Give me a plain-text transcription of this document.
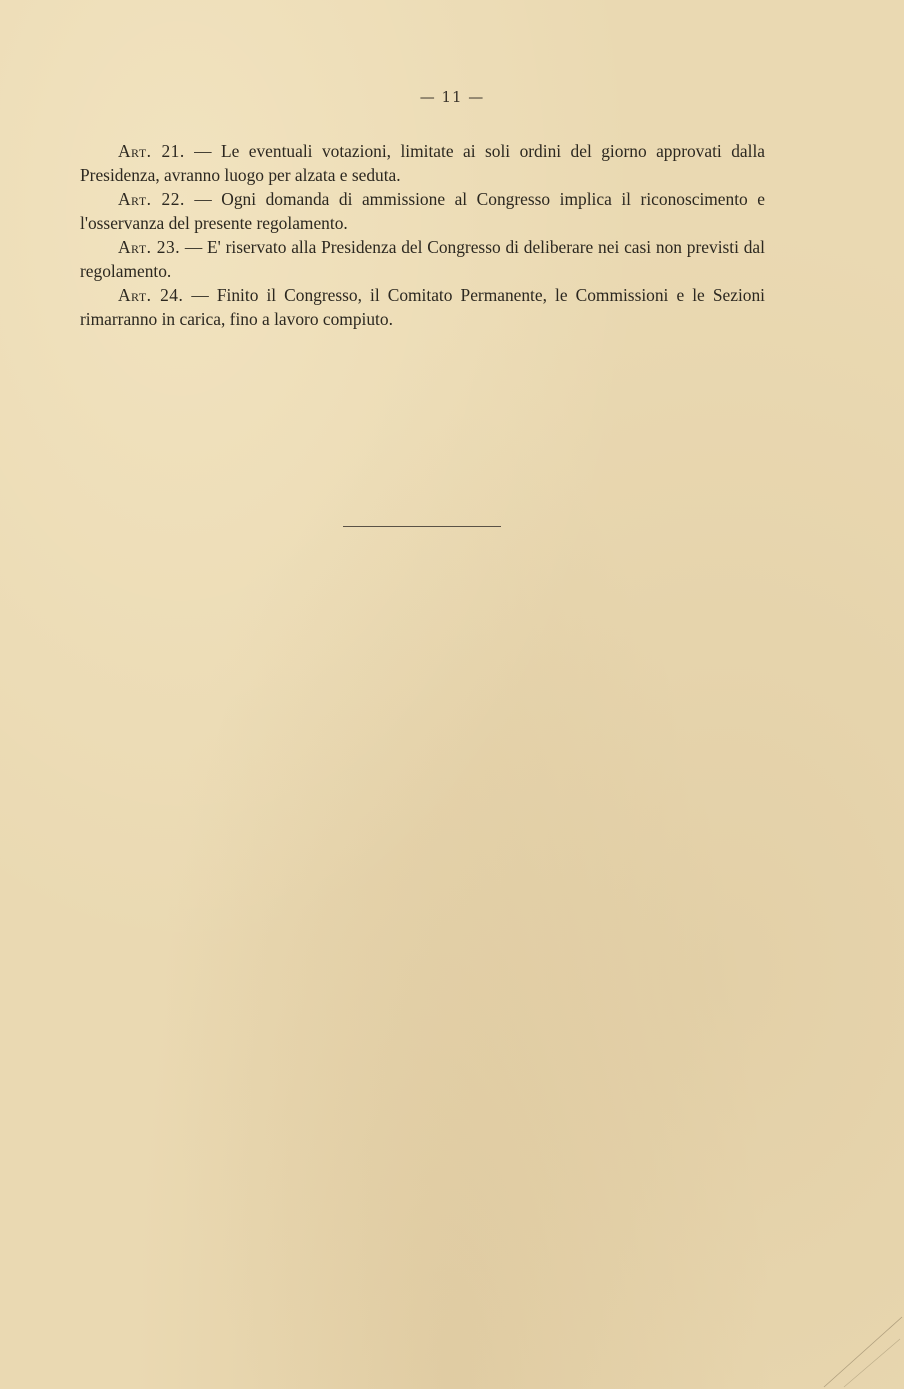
— 11 —

Art. 21. — Le eventuali votazioni, limitate ai soli ordini del giorno approvati dalla Presidenza, avranno luogo per alzata e seduta.

Art. 22. — Ogni domanda di ammissione al Congresso implica il riconoscimento e l'osservanza del presente regolamento.

Art. 23. — E' riservato alla Presidenza del Congresso di deliberare nei casi non previsti dal regolamento.

Art. 24. — Finito il Congresso, il Comitato Permanente, le Commissioni e le Sezioni rimarranno in carica, fino a lavoro compiuto.
